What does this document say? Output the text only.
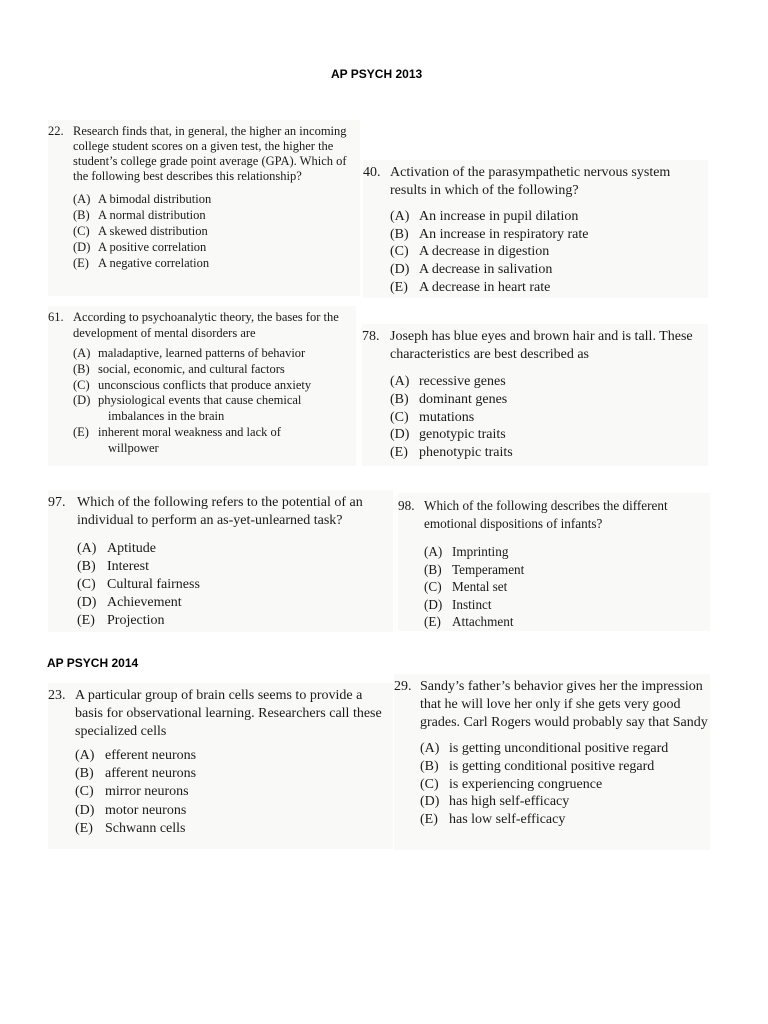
AP PSYCH 2013
22. Research finds that, in general, the higher an incoming college student scores on a given test, the higher the student’s college grade point average (GPA). Which of the following best describes this relationship?
(A) A bimodal distribution
(B) A normal distribution
(C) A skewed distribution
(D) A positive correlation
(E) A negative correlation
40. Activation of the parasympathetic nervous system results in which of the following?
(A) An increase in pupil dilation
(B) An increase in respiratory rate
(C) A decrease in digestion
(D) A decrease in salivation
(E) A decrease in heart rate
61. According to psychoanalytic theory, the bases for the development of mental disorders are
(A) maladaptive, learned patterns of behavior
(B) social, economic, and cultural factors
(C) unconscious conflicts that produce anxiety
(D) physiological events that cause chemical
imbalances in the brain
(E) inherent moral weakness and lack of
willpower
78. Joseph has blue eyes and brown hair and is tall. These characteristics are best described as
(A) recessive genes
(B) dominant genes
(C) mutations
(D) genotypic traits
(E) phenotypic traits
97. Which of the following refers to the potential of an individual to perform an as-yet-unlearned task?
(A) Aptitude
(B) Interest
(C) Cultural fairness
(D) Achievement
(E) Projection
98. Which of the following describes the different emotional dispositions of infants?
(A) Imprinting
(B) Temperament
(C) Mental set
(D) Instinct
(E) Attachment
AP PSYCH 2014
23. A particular group of brain cells seems to provide a basis for observational learning. Researchers call these specialized cells
(A) efferent neurons
(B) afferent neurons
(C) mirror neurons
(D) motor neurons
(E) Schwann cells
29. Sandy’s father’s behavior gives her the impression that he will love her only if she gets very good grades. Carl Rogers would probably say that Sandy
(A) is getting unconditional positive regard
(B) is getting conditional positive regard
(C) is experiencing congruence
(D) has high self-efficacy
(E) has low self-efficacy
